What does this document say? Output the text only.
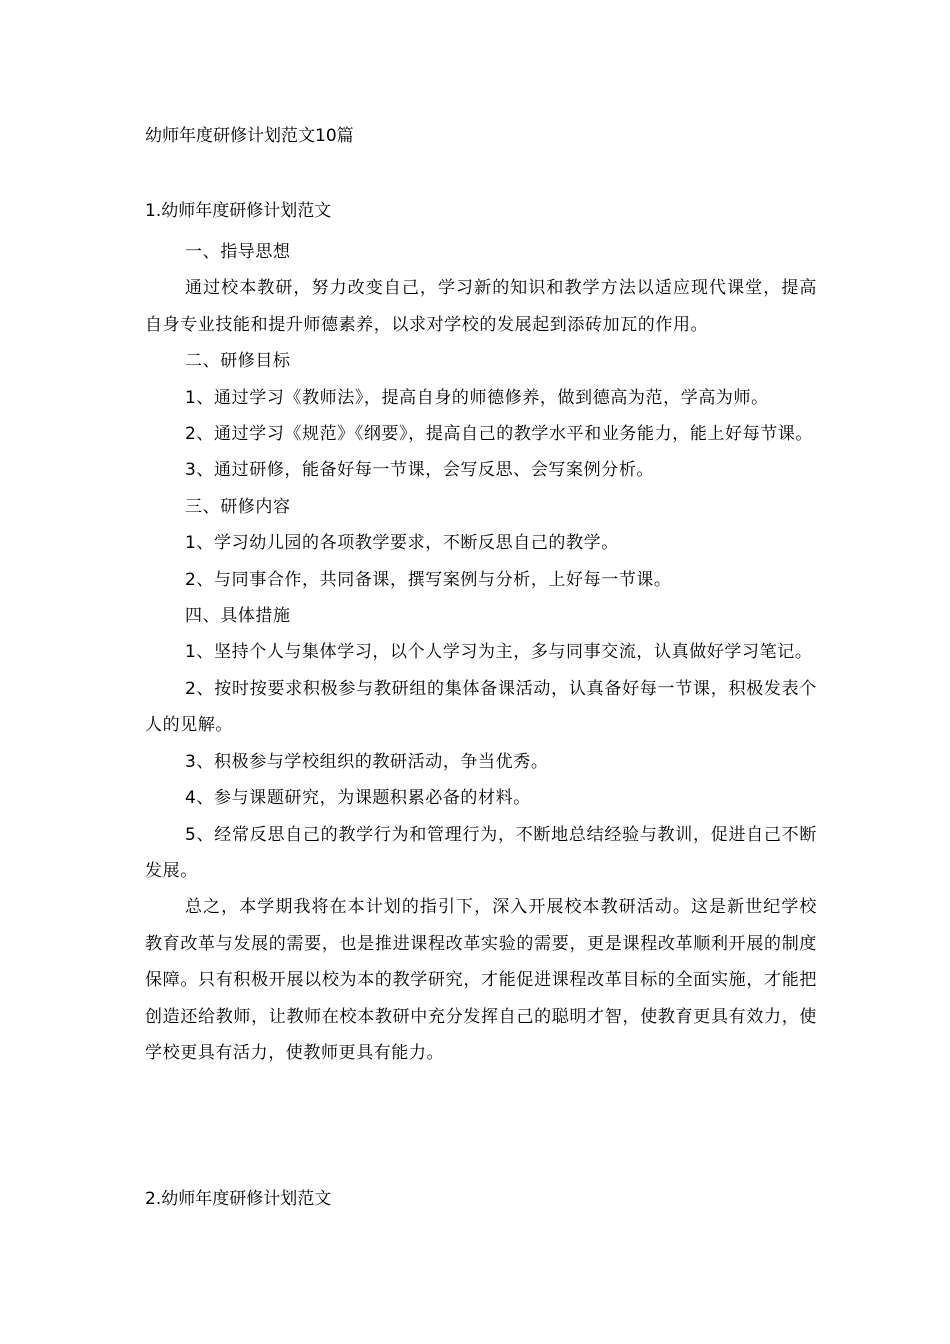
幼师年度研修计划范文10篇
1.幼师年度研修计划范文

一、指导思想

通过校本教研，努力改变自己，学习新的知识和教学方法以适应现代课堂，提高自身专业技能和提升师德素养，以求对学校的发展起到添砖加瓦的作用。

二、研修目标

1、通过学习《教师法》，提高自身的师德修养，做到德高为范，学高为师。

2、通过学习《规范》《纲要》，提高自己的教学水平和业务能力，能上好每节课。

3、通过研修，能备好每一节课，会写反思、会写案例分析。

三、研修内容

1、学习幼儿园的各项教学要求，不断反思自己的教学。

2、与同事合作，共同备课，撰写案例与分析，上好每一节课。

四、具体措施

1、坚持个人与集体学习，以个人学习为主，多与同事交流，认真做好学习笔记。

2、按时按要求积极参与教研组的集体备课活动，认真备好每一节课，积极发表个人的见解。

3、积极参与学校组织的教研活动，争当优秀。

4、参与课题研究，为课题积累必备的材料。

5、经常反思自己的教学行为和管理行为，不断地总结经验与教训，促进自己不断发展。

总之，本学期我将在本计划的指引下，深入开展校本教研活动。这是新世纪学校教育改革与发展的需要，也是推进课程改革实验的需要，更是课程改革顺利开展的制度保障。只有积极开展以校为本的教学研究，才能促进课程改革目标的全面实施，才能把创造还给教师，让教师在校本教研中充分发挥自己的聪明才智，使教育更具有效力，使学校更具有活力，使教师更具有能力。

2.幼师年度研修计划范文
